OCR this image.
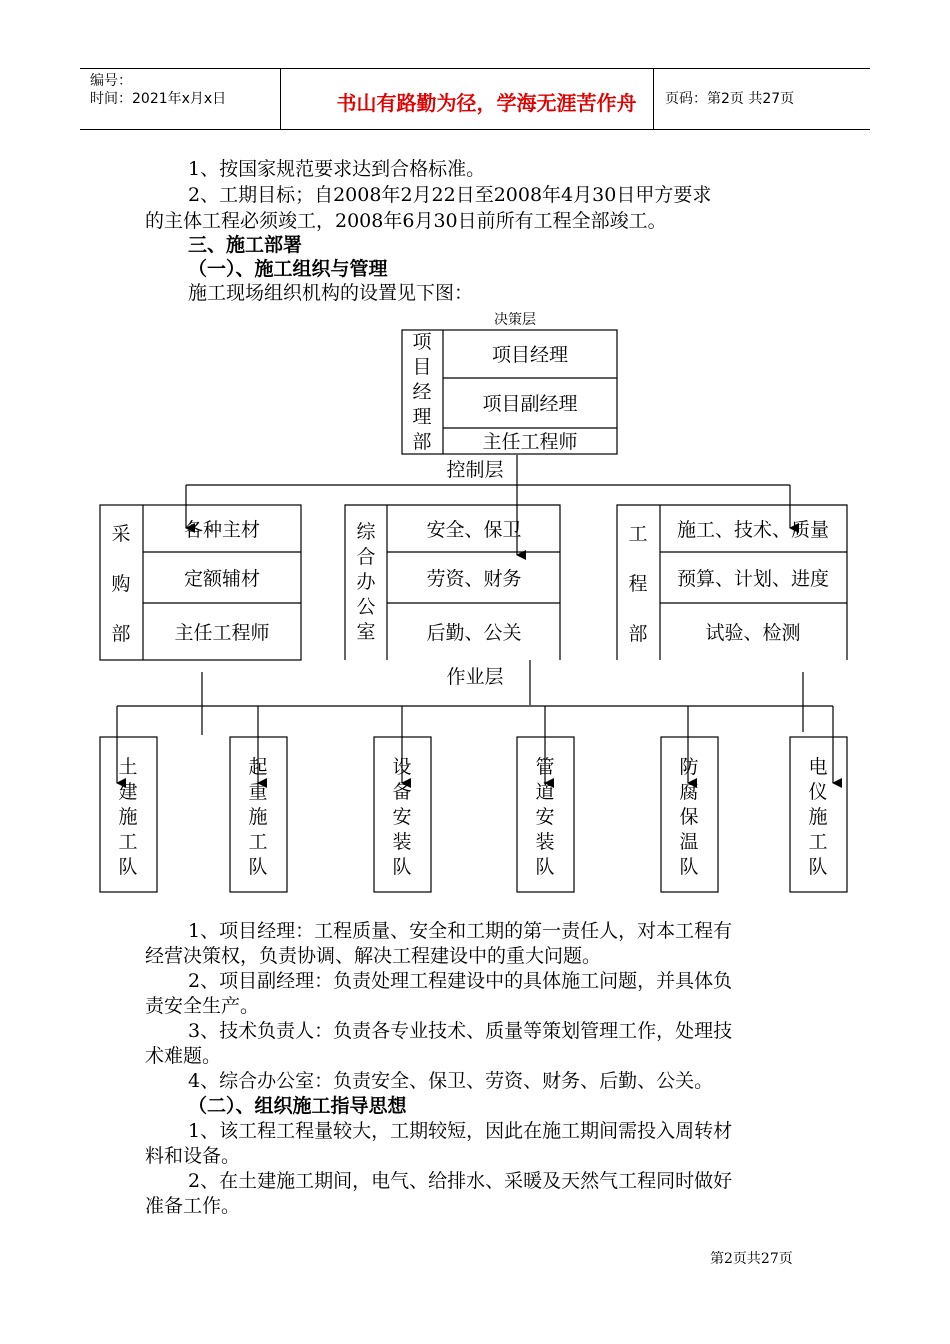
编号：
时间：2021年x月x日	书山有路勤为径，学海无涯苦作舟	页码：第2页 共27页
1、按国家规范要求达到合格标准。
2、工期目标；自2008年2月22日至2008年4月30日甲方要求
的主体工程必须竣工，2008年6月30日前所有工程全部竣工。
三、施工部署
（一）、施工组织与管理
施工现场组织机构的设置见下图：
决策层
控制层
作业层
项
目
经
理
部
项目经理
项目副经理
主任工程师
采
购
部
各种主材
定额辅材
主任工程师
综
合
办
公
室
安全、保卫
劳资、财务
后勤、公关
工
程
部
施工、技术、质量
预算、计划、进度
试验、检测
土
建
施
工
队
起
重
施
工
队
设
备
安
装
队
管
道
安
装
队
防
腐
保
温
队
电
仪
施
工
队
1、项目经理：工程质量、安全和工期的第一责任人，对本工程有
经营决策权，负责协调、解决工程建设中的重大问题。
2、项目副经理：负责处理工程建设中的具体施工问题，并具体负
责安全生产。
3、技术负责人：负责各专业技术、质量等策划管理工作，处理技
术难题。
4、综合办公室：负责安全、保卫、劳资、财务、后勤、公关。
（二）、组织施工指导思想
1、该工程工程量较大，工期较短，因此在施工期间需投入周转材
料和设备。
2、在土建施工期间，电气、给排水、采暖及天然气工程同时做好
准备工作。
第2页共27页
